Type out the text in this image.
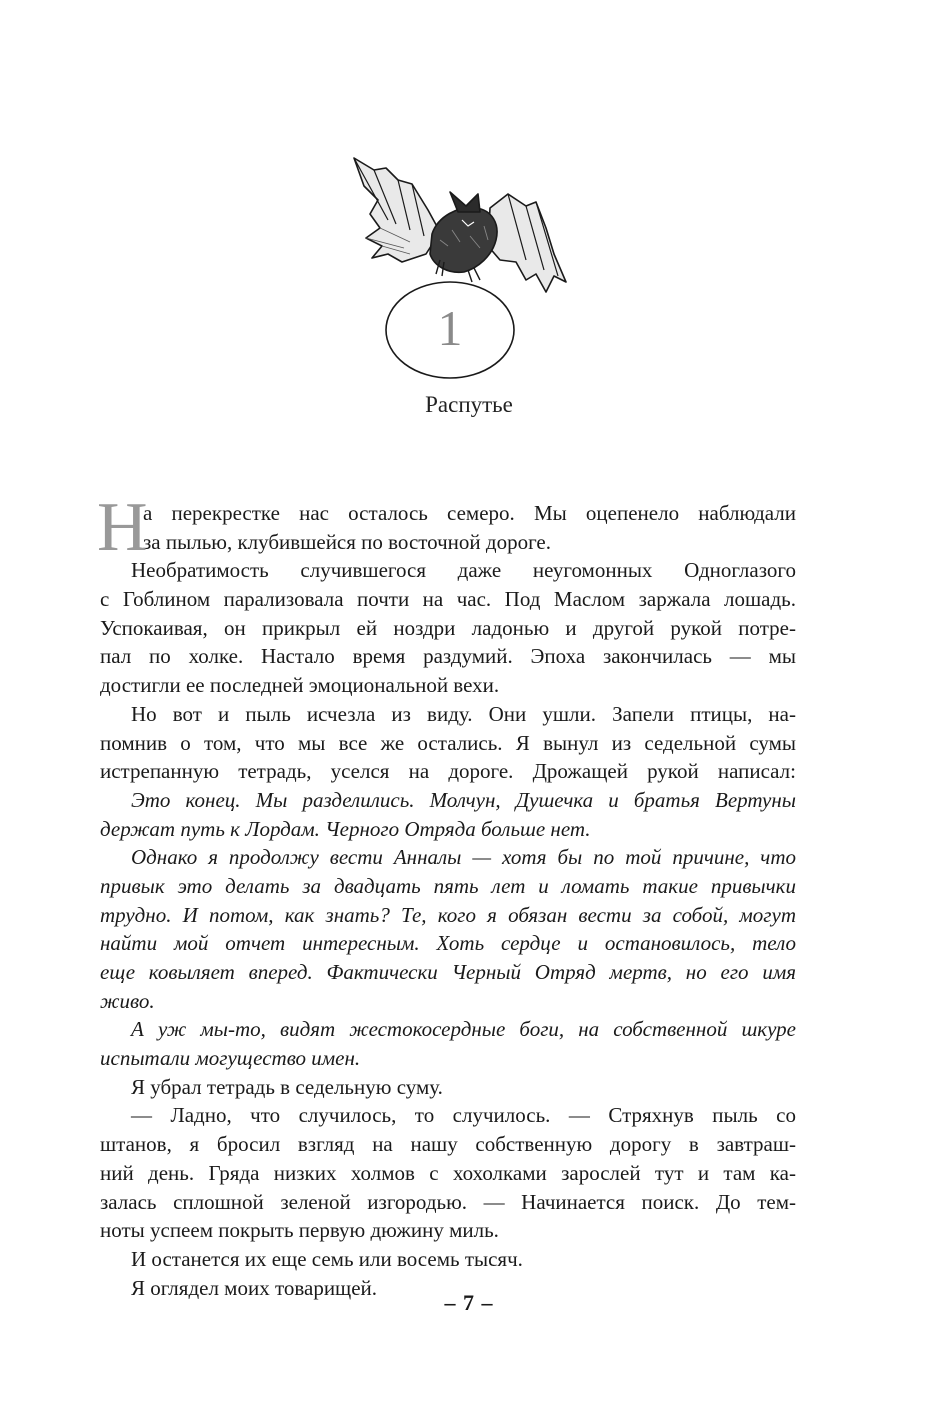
1
Распутье
Н
а перекрестке нас осталось семеро. Мы оцепенело наблюдали
за пылью, клубившейся по восточной дороге.
Необратимость случившегося даже неугомонных Одноглазого
с Гоблином парализовала почти на час. Под Маслом заржала лошадь.
Успокаивая, он прикрыл ей ноздри ладонью и другой рукой потре-
пал по холке. Настало время раздумий. Эпоха закончилась — мы
достигли ее последней эмоциональной вехи.
Но вот и пыль исчезла из виду. Они ушли. Запели птицы, на-
помнив о том, что мы все же остались. Я вынул из седельной сумы
истрепанную тетрадь, уселся на дороге. Дрожащей рукой написал:
Это конец. Мы разделились. Молчун, Душечка и братья Вертуны
держат путь к Лордам. Черного Отряда больше нет.
Однако я продолжу вести Анналы — хотя бы по той причине, что
привык это делать за двадцать пять лет и ломать такие привычки
трудно. И потом, как знать? Те, кого я обязан вести за собой, могут
найти мой отчет интересным. Хоть сердце и остановилось, тело
еще ковыляет вперед. Фактически Черный Отряд мертв, но его имя
живо.
А уж мы-то, видят жестокосердные боги, на собственной шкуре
испытали могущество имен.
Я убрал тетрадь в седельную суму.
— Ладно, что случилось, то случилось. — Стряхнув пыль со
штанов, я бросил взгляд на нашу собственную дорогу в завтраш-
ний день. Гряда низких холмов с хохолками зарослей тут и там ка-
залась сплошной зеленой изгородью. — Начинается поиск. До тем-
ноты успеем покрыть первую дюжину миль.
И останется их еще семь или восемь тысяч.
Я оглядел моих товарищей.
– 7 –
